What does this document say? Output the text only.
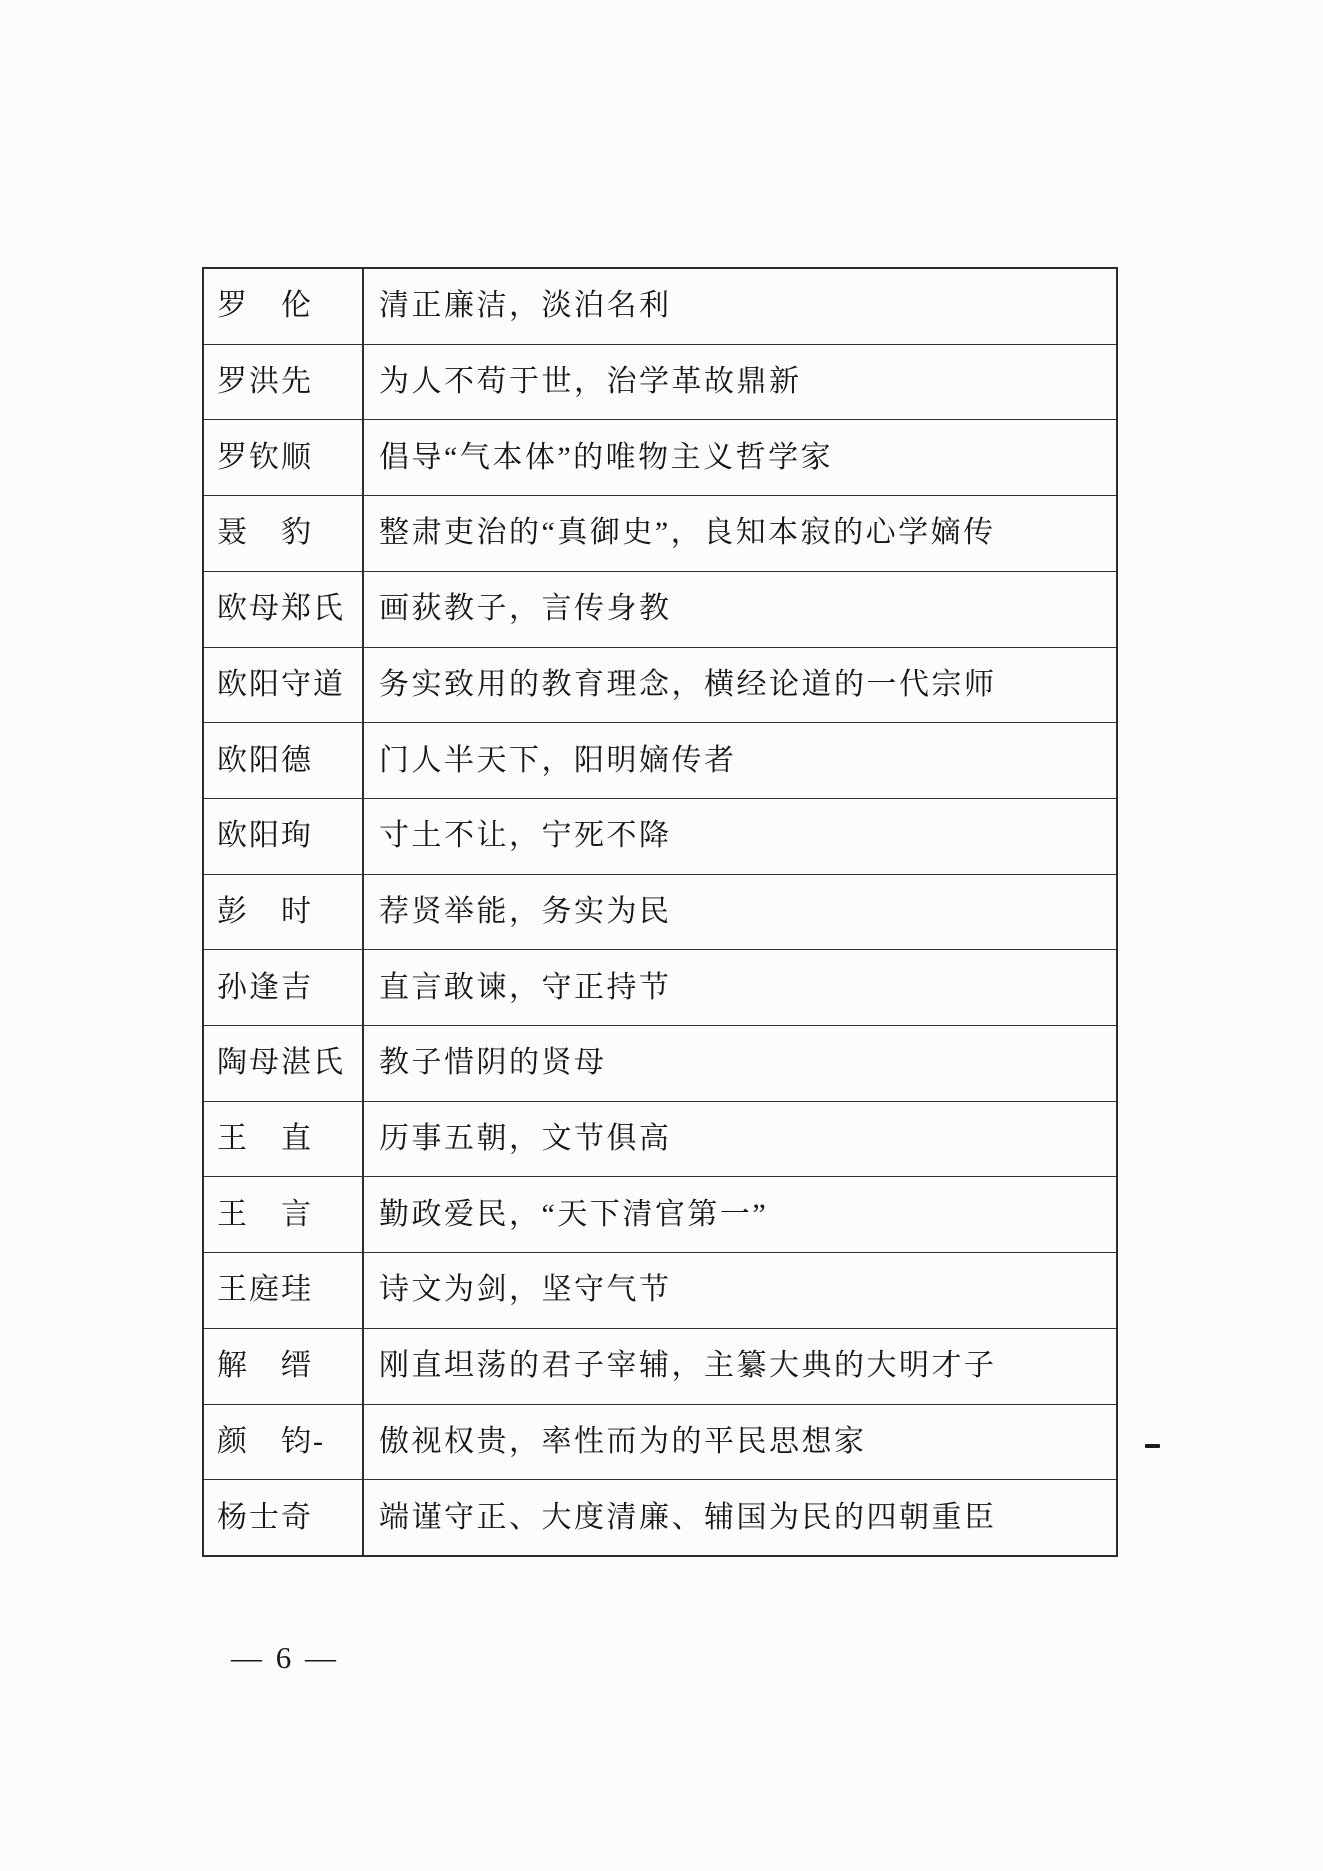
罗　伦	清正廉洁，淡泊名利
罗洪先	为人不苟于世，治学革故鼎新
罗钦顺	倡导“气本体”的唯物主义哲学家
聂　豹	整肃吏治的“真御史”，良知本寂的心学嫡传
欧母郑氏	画荻教子，言传身教
欧阳守道	务实致用的教育理念，横经论道的一代宗师
欧阳德	门人半天下，阳明嫡传者
欧阳珣	寸土不让，宁死不降
彭　时	荐贤举能，务实为民
孙逢吉	直言敢谏，守正持节
陶母湛氏	教子惜阴的贤母
王　直	历事五朝，文节俱高
王　言	勤政爱民，“天下清官第一”
王庭珪	诗文为剑，坚守气节
解　缙	刚直坦荡的君子宰辅，主纂大典的大明才子
颜　钧-	傲视权贵，率性而为的平民思想家
杨士奇	端谨守正、大度清廉、辅国为民的四朝重臣
— 6 —
